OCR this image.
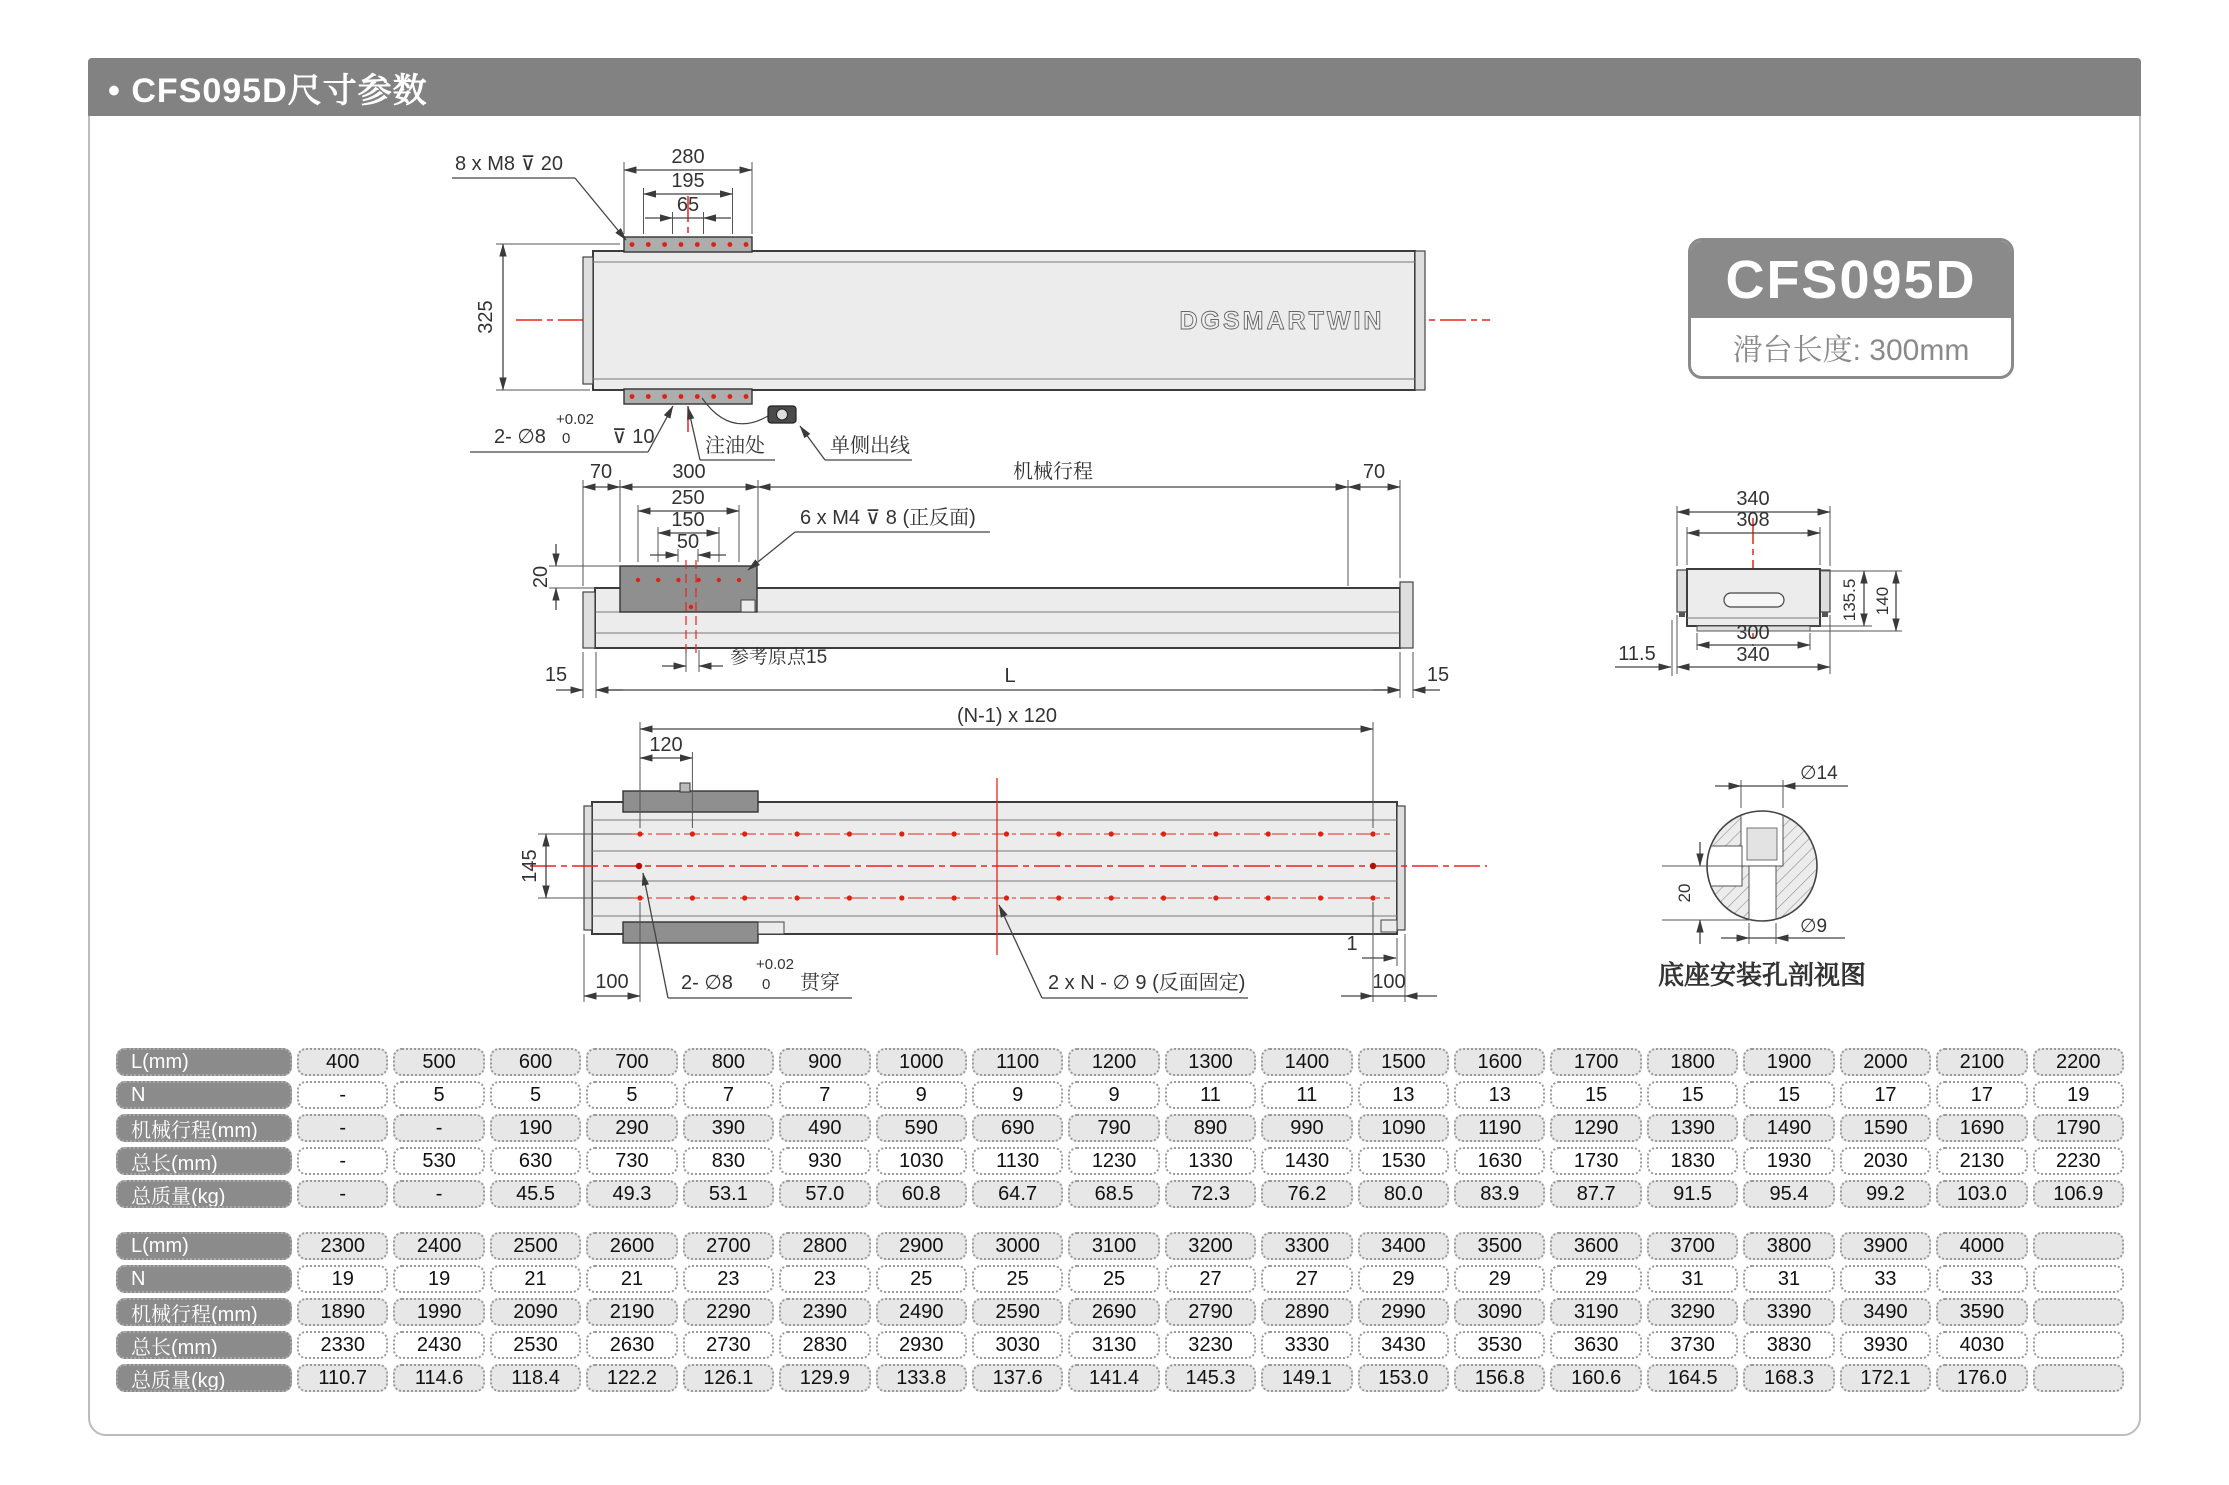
• CFS095D尺寸参数
DGSMARTWIN
280
195
65
8 x M8 ⊽ 20
325
2- ∅8
+0.02
0 ⊽ 10	注油处	单侧出线
70	300	机械行程	70
250
150
50
20
6 x M4 ⊽ 8 (正反面)
参考原点15
15	L	15
340
308
135.5 140
300
340
11.5
(N-1) x 120
120
145
100	100
1
2- ∅8
+0.02
0 贯穿	2 x N - ∅ 9 (反面固定)
∅14
∅9
20
底座安装孔剖视图
CFS095D
滑台长度: 300mm
L(mm)	400	500	600	700	800	900	1000	1100	1200	1300	1400	1500	1600	1700	1800	1900	2000	2100	2200
N	-	5	5	5	7	7	9	9	9	11	11	13	13	15	15	15	17	17	19
机械行程(mm)	-	-	190	290	390	490	590	690	790	890	990	1090	1190	1290	1390	1490	1590	1690	1790
总长(mm)	-	530	630	730	830	930	1030	1130	1230	1330	1430	1530	1630	1730	1830	1930	2030	2130	2230
总质量(kg)	-	-	45.5	49.3	53.1	57.0	60.8	64.7	68.5	72.3	76.2	80.0	83.9	87.7	91.5	95.4	99.2	103.0	106.9
L(mm)	2300	2400	2500	2600	2700	2800	2900	3000	3100	3200	3300	3400	3500	3600	3700	3800	3900	4000
N	19	19	21	21	23	23	25	25	25	27	27	29	29	29	31	31	33	33
机械行程(mm)	1890	1990	2090	2190	2290	2390	2490	2590	2690	2790	2890	2990	3090	3190	3290	3390	3490	3590
总长(mm)	2330	2430	2530	2630	2730	2830	2930	3030	3130	3230	3330	3430	3530	3630	3730	3830	3930	4030
总质量(kg)	110.7	114.6	118.4	122.2	126.1	129.9	133.8	137.6	141.4	145.3	149.1	153.0	156.8	160.6	164.5	168.3	172.1	176.0
